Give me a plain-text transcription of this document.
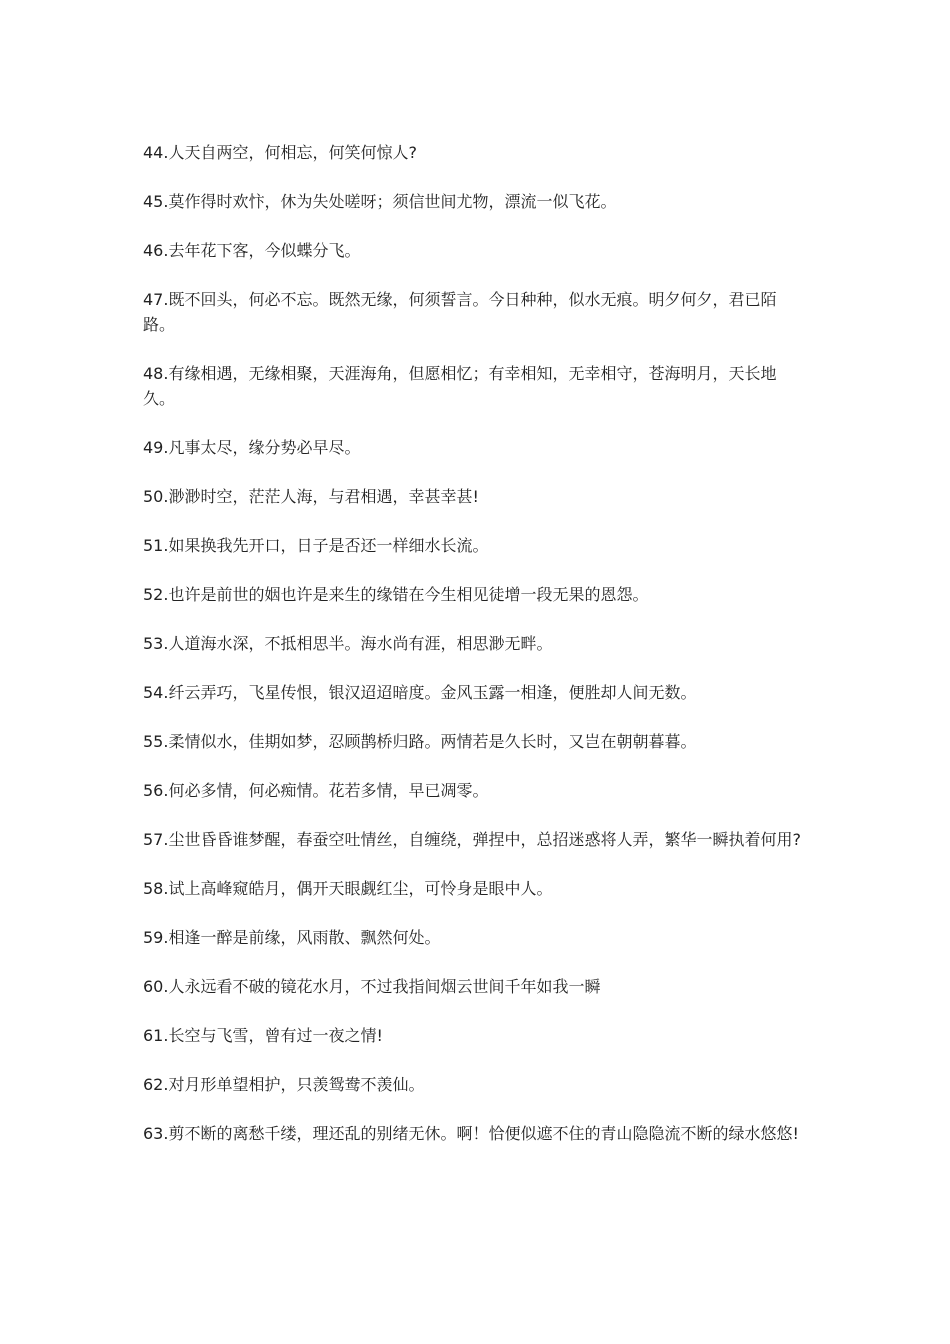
44.人天自两空，何相忘，何笑何惊人?

45.莫作得时欢忭，休为失处嗟呀；须信世间尤物，漂流一似飞花。

46.去年花下客，今似蝶分飞。

47.既不回头，何必不忘。既然无缘，何须誓言。今日种种，似水无痕。明夕何夕，君已陌路。

48.有缘相遇，无缘相聚，天涯海角，但愿相忆；有幸相知，无幸相守，苍海明月，天长地久。

49.凡事太尽，缘分势必早尽。

50.渺渺时空，茫茫人海，与君相遇，幸甚幸甚!

51.如果换我先开口，日子是否还一样细水长流。

52.也许是前世的姻也许是来生的缘错在今生相见徒增一段无果的恩怨。

53.人道海水深，不抵相思半。海水尚有涯，相思渺无畔。

54.纤云弄巧，飞星传恨，银汉迢迢暗度。金风玉露一相逢，便胜却人间无数。

55.柔情似水，佳期如梦，忍顾鹊桥归路。两情若是久长时，又岂在朝朝暮暮。

56.何必多情，何必痴情。花若多情，早已凋零。

57.尘世昏昏谁梦醒，春蚕空吐情丝，自缠绕，弹捏中，总招迷惑将人弄，繁华一瞬执着何用?

58.试上高峰窥皓月，偶开天眼觑红尘，可怜身是眼中人。

59.相逢一醉是前缘，风雨散、飘然何处。

60.人永远看不破的镜花水月，不过我指间烟云世间千年如我一瞬

61.长空与飞雪，曾有过一夜之情!

62.对月形单望相护，只羡鸳鸯不羡仙。

63.剪不断的离愁千缕，理还乱的别绪无休。啊！恰便似遮不住的青山隐隐流不断的绿水悠悠!
